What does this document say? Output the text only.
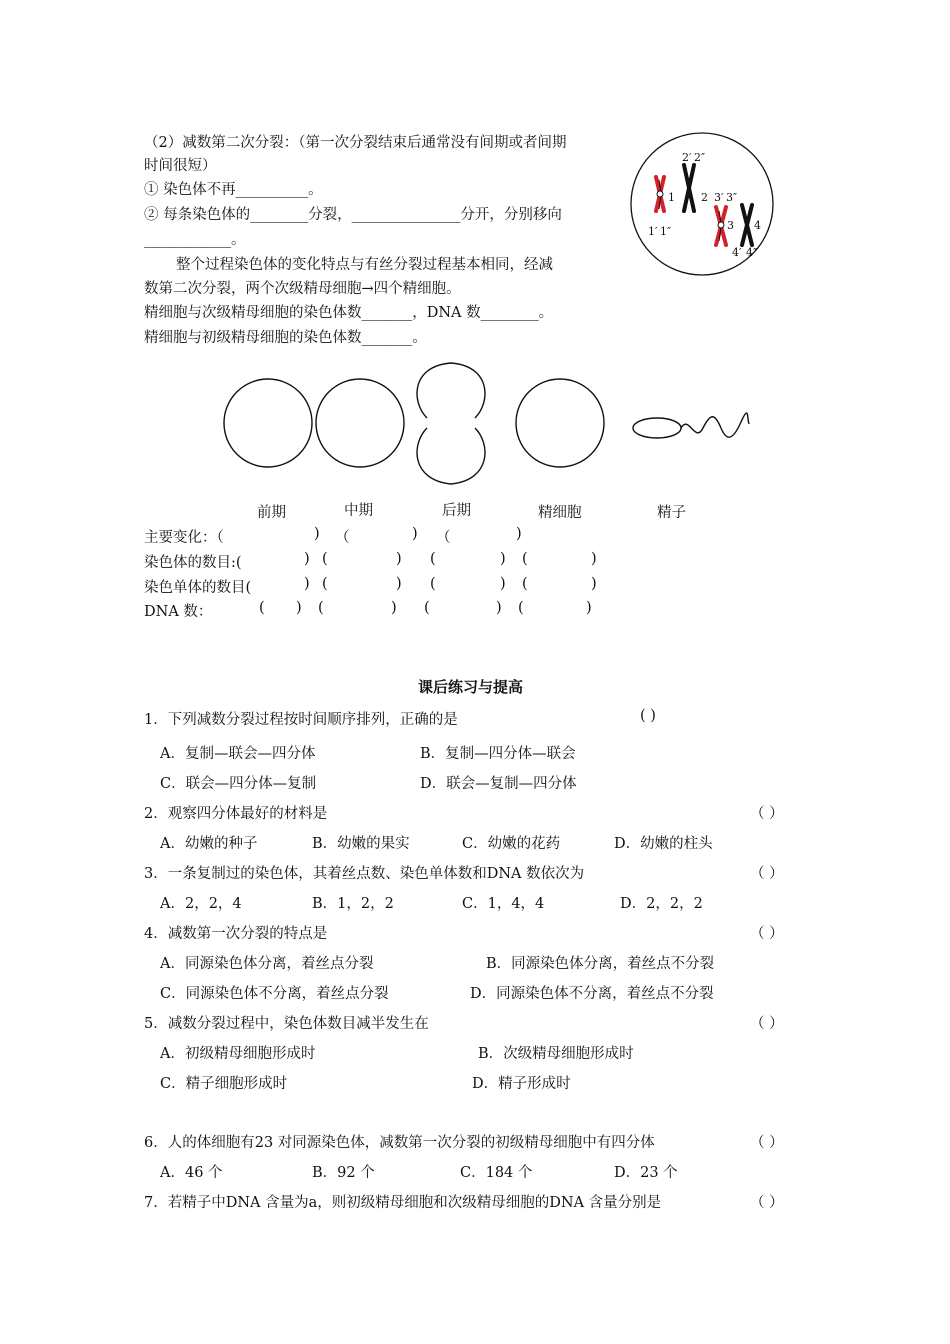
（2）减数第二次分裂：（第一次分裂结束后通常没有间期或者间期
时间很短）
① 染色体不再__________。
② 每条染色体的________分裂，_______________分开，分别移向
____________。
整个过程染色体的变化特点与有丝分裂过程基本相同，经减
数第二次分裂，两个次级精母细胞→四个精细胞。
精细胞与次级精母细胞的染色体数_______，DNA 数________。
精细胞与初级精母细胞的染色体数_______。
2′ 2″
1 2 3′ 3″
3 4
1′ 1″
4′ 4″
前期	中期	后期	精细胞	精子
主要变化：（	) （	) （	)
染色体的数目:(	) (	) (	) (	)
染色单体的数目(	) (	) (	) (	)
DNA 数：	( ) (	) (	) (	)
课后练习与提高
1．下列减数分裂过程按时间顺序排列，正确的是	( )
A．复制—联会—四分体	B．复制—四分体—联会
C．联会—四分体—复制	D．联会—复制—四分体
2．观察四分体最好的材料是	（ ）
A．幼嫩的种子	B．幼嫩的果实	C．幼嫩的花药	D．幼嫩的柱头
3．一条复制过的染色体，其着丝点数、染色单体数和DNA 数依次为	（ ）
A．2，2，4	B．1，2，2	C．1，4，4	D．2，2，2
4．减数第一次分裂的特点是	（ ）
A．同源染色体分离，着丝点分裂	B．同源染色体分离，着丝点不分裂
C．同源染色体不分离，着丝点分裂	D．同源染色体不分离，着丝点不分裂
5．减数分裂过程中，染色体数目减半发生在	（ ）
A．初级精母细胞形成时	B．次级精母细胞形成时
C．精子细胞形成时	D．精子形成时
6．人的体细胞有23 对同源染色体，减数第一次分裂的初级精母细胞中有四分体	（ ）
A．46 个	B．92 个	C．184 个	D．23 个
7．若精子中DNA 含量为a，则初级精母细胞和次级精母细胞的DNA 含量分别是	（ ）
